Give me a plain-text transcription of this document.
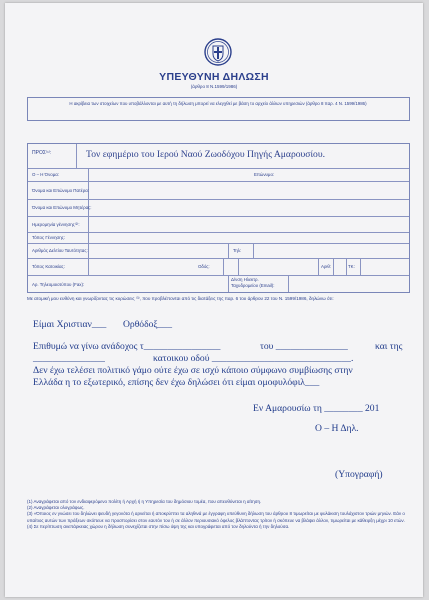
ΥΠΕΥΘΥΝΗ ΔΗΛΩΣΗ
(άρθρο 8 Ν.1599/1986)
Η ακρίβεια των στοιχείων που υποβάλλονται με αυτή τη δήλωση μπορεί να ελεγχθεί με βάση το αρχείο άλλων υπηρεσιών (άρθρο 8 παρ. 4 Ν. 1599/1986)
ΠΡΟΣ⁽¹⁾:	Τον εφημέριο του Ιερού Ναού Ζωοδόχου Πηγής Αμαρουσίου.
Ο – Η Όνομα:	Επώνυμο:
Όνομα και Επώνυμο Πατέρα:
Όνομα και Επώνυμο Μητέρας:
Ημερομηνία γέννησης⁽²⁾:
Τόπος Γέννησης:
Αριθμός Δελτίου Ταυτότητας:	Τηλ:
Τόπος Κατοικίας:	Οδός:	Αριθ:	ΤΚ:
Αρ. Τηλεομοιοτύπου (Fax):
Δ/νση Ηλεκτρ. Ταχυδρομείου (Εmail):
Με ατομική μου ευθύνη και γνωρίζοντας τις κυρώσεις ⁽³⁾, που προβλέπονται από τις διατάξεις της παρ. 6 του άρθρου 22 του Ν. 1599/1986, δηλώνω ότι:
Είμαι Χριστιαν___ Ορθόδοξ___
Επιθυμώ να γίνω ανάδοχος τ________________	του _______________	και της
_______________	κατοικου οδού _____________________________.
Δεν έχω τελέσει πολιτικό γάμο ούτε έχω σε ισχύ κάποιο σύμφωνο συμβίωσης στην
Ελλάδα η το εξωτερικό, επίσης δεν έχω δηλώσει ότι είμαι ομοφυλόφιλ___
Εν Αμαρουσίω τη ________ 201
Ο – Η Δηλ.
(Υπογραφή)
(1) Αναγράφεται από τον ενδιαφερόμενο πολίτη ή Αρχή ή η Υπηρεσία του δημόσιου τομέα, που απευθύνεται η αίτηση.
(2) Αναγράφεται ολογράφως.
(3) «Όποιος εν γνώσει του δηλώνει ψευδή γεγονότα ή αρνείται ή αποκρύπτει τα αληθινά με έγγραφη υπεύθυνη δήλωση του άρθρου 8 τιμωρείται με φυλάκιση τουλάχιστον τριών μηνών. Εάν ο υπαίτιος αυτών των πράξεων σκόπευε να προσπορίσει στον εαυτόν του ή σε άλλον περιουσιακό όφελος βλάπτοντας τρίτον ή σκόπευε να βλάψει άλλον, τιμωρείται με κάθειρξη μέχρι 10 ετών.
(4) Σε περίπτωση ανεπάρκειας χώρου η δήλωση συνεχίζεται στην πίσω όψη της και υπογράφεται από τον δηλούντα ή την δηλούσα.
